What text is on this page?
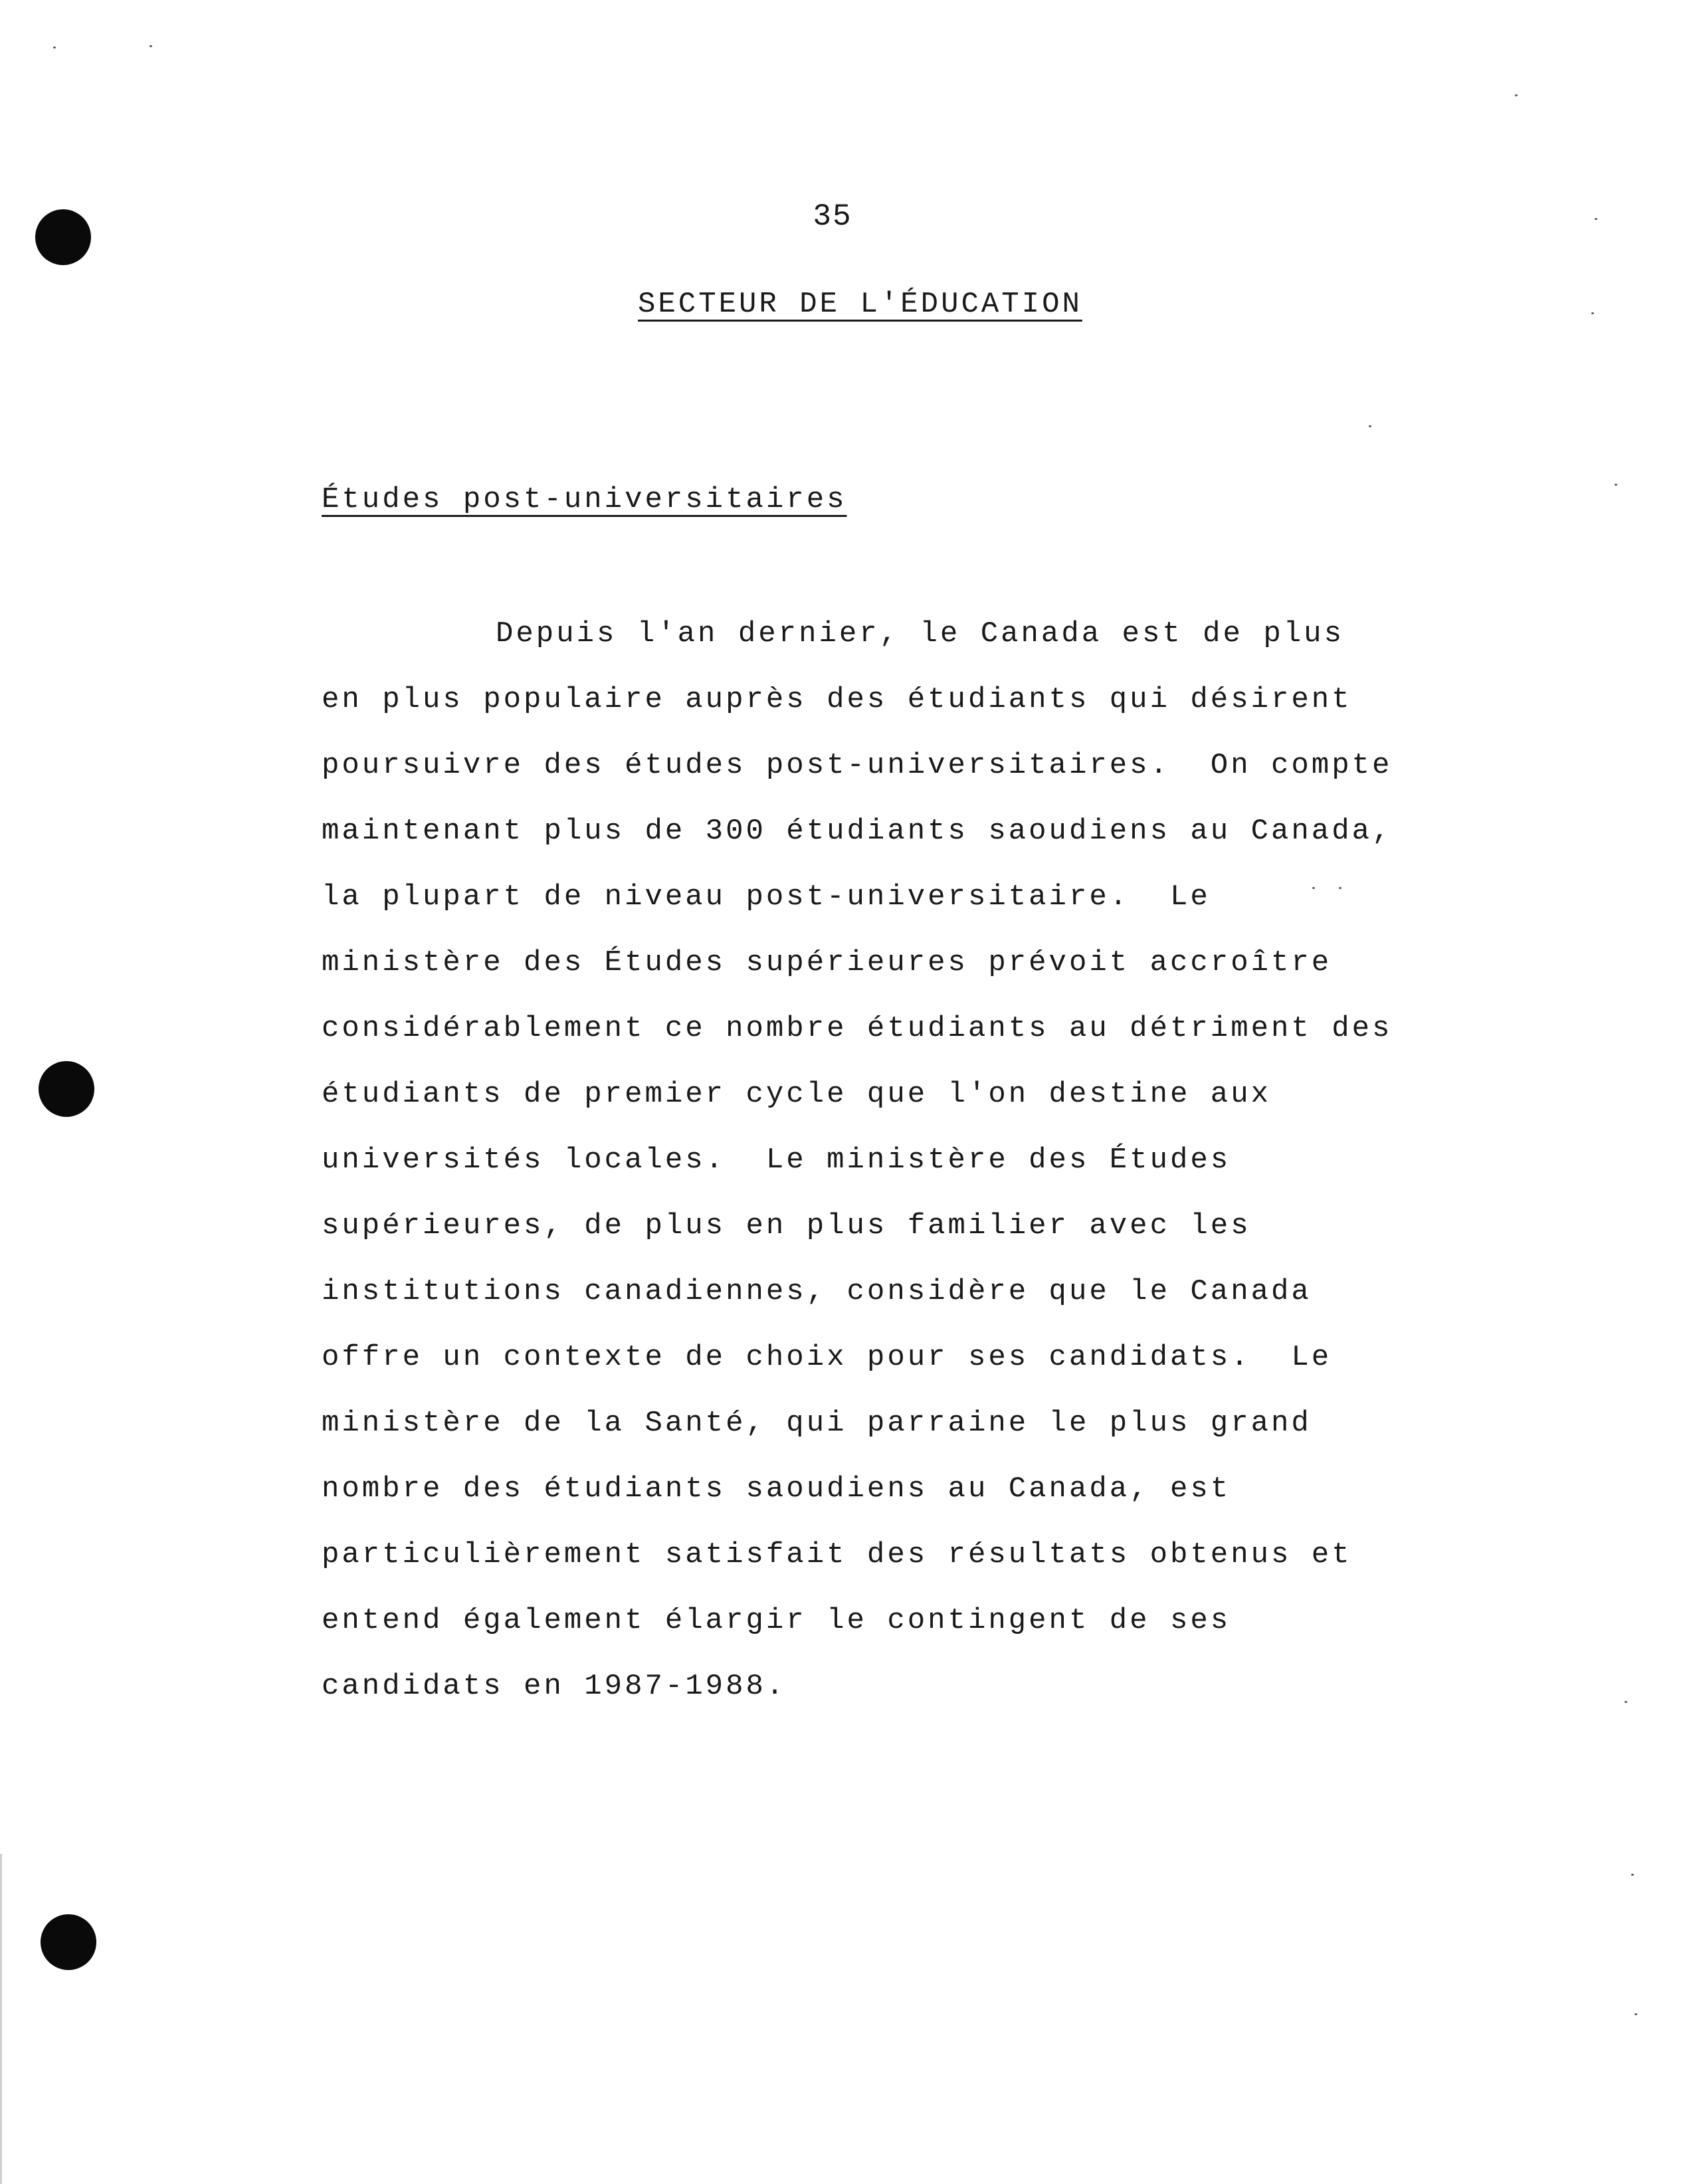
35
SECTEUR DE L'ÉDUCATION
Études post-universitaires
Depuis l'an dernier, le Canada est de plus
en plus populaire auprès des étudiants qui désirent
poursuivre des études post-universitaires.  On compte
maintenant plus de 300 étudiants saoudiens au Canada,
la plupart de niveau post-universitaire.  Le
ministère des Études supérieures prévoit accroître
considérablement ce nombre étudiants au détriment des
étudiants de premier cycle que l'on destine aux
universités locales.  Le ministère des Études
supérieures, de plus en plus familier avec les
institutions canadiennes, considère que le Canada
offre un contexte de choix pour ses candidats.  Le
ministère de la Santé, qui parraine le plus grand
nombre des étudiants saoudiens au Canada, est
particulièrement satisfait des résultats obtenus et
entend également élargir le contingent de ses
candidats en 1987-1988.
